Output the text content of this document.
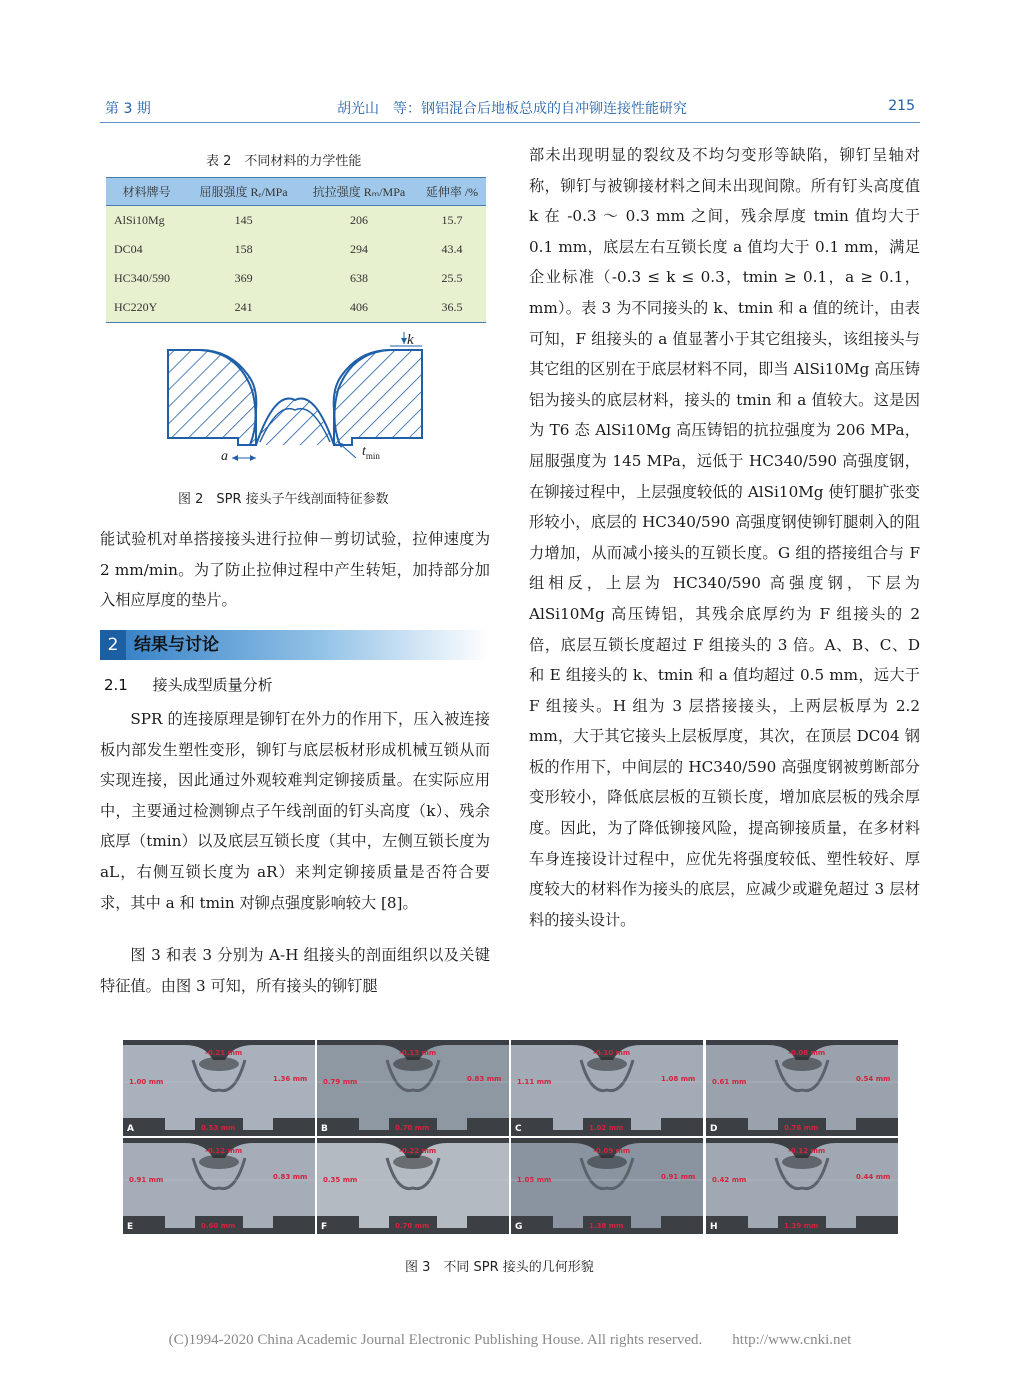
第 3 期	胡光山　等：钢铝混合后地板总成的自冲铆连接性能研究	215
表 2　不同材料的力学性能
材料牌号	屈服强度 Rₑ/MPa	抗拉强度 Rₘ/MPa	延伸率 /%
AlSi10Mg	145	206	15.7
DC04	158	294	43.4
HC340/590	369	638	25.5
HC220Y	241	406	36.5
k
a	$t_{min}$
图 2　SPR 接头子午线剖面特征参数
能试验机对单搭接接头进行拉伸－剪切试验，拉伸速度为 2 mm/min。为了防止拉伸过程中产生转矩，加持部分加入相应厚度的垫片。
2 结果与讨论
2.1 接头成型质量分析
SPR 的连接原理是铆钉在外力的作用下，压入被连接板内部发生塑性变形，铆钉与底层板材形成机械互锁从而实现连接，因此通过外观较难判定铆接质量。在实际应用中，主要通过检测铆点子午线剖面的钉头高度（k）、残余底厚（tmin）以及底层互锁长度（其中，左侧互锁长度为 aL，右侧互锁长度为 aR）来判定铆接质量是否符合要求，其中 a 和 tmin 对铆点强度影响较大 [8]。
图 3 和表 3 分别为 A-H 组接头的剖面组织以及关键特征值。由图 3 可知，所有接头的铆钉腿
部未出现明显的裂纹及不均匀变形等缺陷，铆钉呈轴对称，铆钉与被铆接材料之间未出现间隙。所有钉头高度值 k 在 -0.3 ～ 0.3 mm 之间，残余厚度 tmin 值均大于 0.1 mm，底层左右互锁长度 a 值均大于 0.1 mm，满足企业标准（-0.3 ≤ k ≤ 0.3，tmin ≥ 0.1，a ≥ 0.1，mm）。表 3 为不同接头的 k、tmin 和 a 值的统计，由表可知，F 组接头的 a 值显著小于其它组接头，该组接头与其它组的区别在于底层材料不同，即当 AlSi10Mg 高压铸铝为接头的底层材料，接头的 tmin 和 a 值较大。这是因为 T6 态 AlSi10Mg 高压铸铝的抗拉强度为 206 MPa，屈服强度为 145 MPa，远低于 HC340/590 高强度钢，在铆接过程中，上层强度较低的 AlSi10Mg 使钉腿扩张变形较小，底层的 HC340/590 高强度钢使铆钉腿刺入的阻力增加，从而减小接头的互锁长度。G 组的搭接组合与 F 组相反，上层为 HC340/590 高强度钢，下层为 AlSi10Mg 高压铸铝，其残余底厚约为 F 组接头的 2 倍，底层互锁长度超过 F 组接头的 3 倍。A、B、C、D 和 E 组接头的 k、tmin 和 a 值均超过 0.5 mm，远大于 F 组接头。H 组为 3 层搭接接头，上两层板厚为 2.2 mm，大于其它接头上层板厚度，其次，在顶层 DC04 钢板的作用下，中间层的 HC340/590 高强度钢被剪断部分变形较小，降低底层板的互锁长度，增加底层板的残余厚度。因此，为了降低铆接风险，提高铆接质量，在多材料车身连接设计过程中，应优先将强度较低、塑性较好、厚度较大的材料作为接头的底层，应减少或避免超过 3 层材料的接头设计。
-0.21 mm
1.00 mm	1.36 mm
0.53 mm
A
-0.13 mm
0.79 mm	0.83 mm
0.70 mm
B
-0.10 mm
1.11 mm	1.08 mm
1.02 mm
C
-0.08 mm
0.61 mm	0.54 mm
0.76 mm
D
-0.12 mm
0.91 mm	0.83 mm
0.60 mm
E
-0.22 mm
0.35 mm
0.70 mm
F
-0.09 mm
1.05 mm	0.91 mm
1.38 mm
G
-0.12 mm
0.42 mm	0.44 mm
1.39 mm
H
图 3　不同 SPR 接头的几何形貌
(C)1994-2020 China Academic Journal Electronic Publishing House. All rights reserved.　　http://www.cnki.net
